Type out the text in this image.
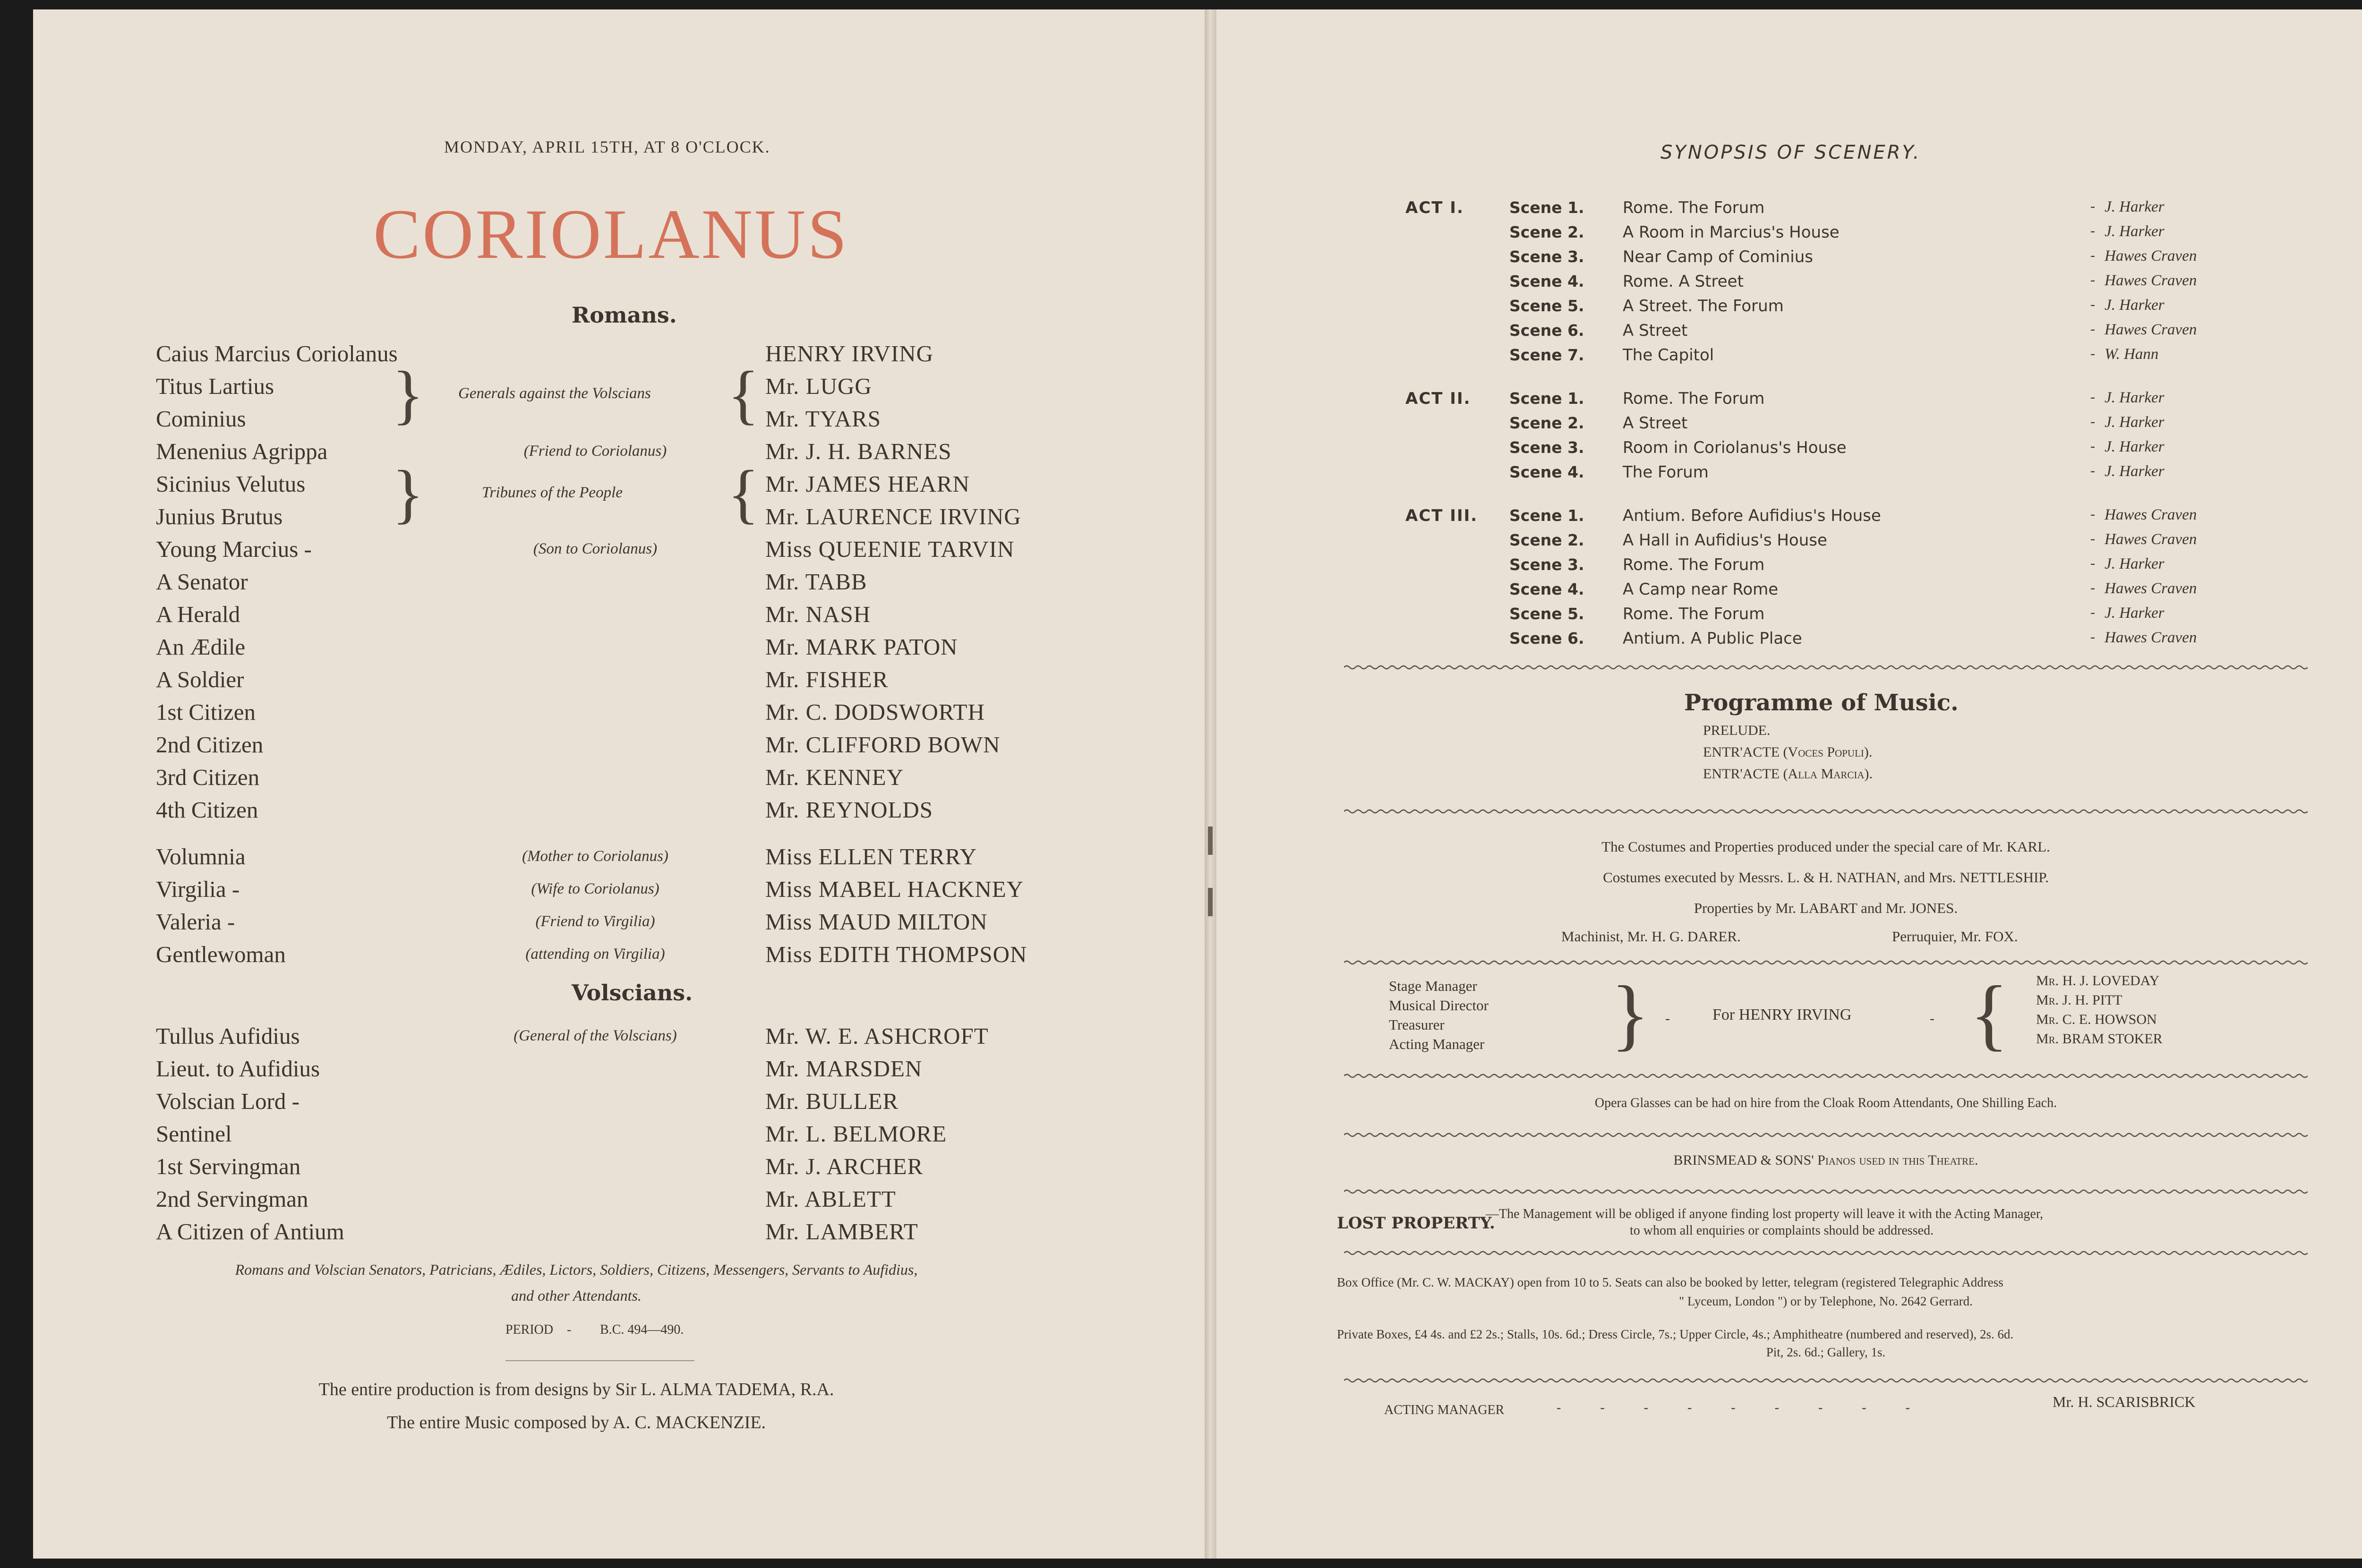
MONDAY, APRIL 15TH, AT 8 O'CLOCK.
CORIOLANUS
Romans.
Caius Marcius Coriolanus	HENRY IRVING
Titus Lartius	Mr. LUGG
Cominius	Mr. TYARS
Menenius Agrippa	(Friend to Coriolanus)	Mr. J. H. BARNES
Sicinius Velutus	Mr. JAMES HEARN
Junius Brutus	Mr. LAURENCE IRVING
Young Marcius -	(Son to Coriolanus)	Miss QUEENIE TARVIN
A Senator	Mr. TABB
A Herald	Mr. NASH
An Ædile	Mr. MARK PATON
A Soldier	Mr. FISHER
1st Citizen	Mr. C. DODSWORTH
2nd Citizen	Mr. CLIFFORD BOWN
3rd Citizen	Mr. KENNEY
4th Citizen	Mr. REYNOLDS
Generals against the Volscians
}	{
Tribunes of the People
}	{
Volumnia	(Mother to Coriolanus)	Miss ELLEN TERRY
Virgilia -	(Wife to Coriolanus)	Miss MABEL HACKNEY
Valeria -	(Friend to Virgilia)	Miss MAUD MILTON
Gentlewoman	(attending on Virgilia)	Miss EDITH THOMPSON
Volscians.
Tullus Aufidius	(General of the Volscians)	Mr. W. E. ASHCROFT
Lieut. to Aufidius	Mr. MARSDEN
Volscian Lord -	Mr. BULLER
Sentinel	Mr. L. BELMORE
1st Servingman	Mr. J. ARCHER
2nd Servingman	Mr. ABLETT
A Citizen of Antium	Mr. LAMBERT
Romans and Volscian Senators, Patricians, Ædiles, Lictors, Soldiers, Citizens, Messengers, Servants to Aufidius,
and other Attendants.
PERIOD - B.C. 494—490.
The entire production is from designs by Sir L. ALMA TADEMA, R.A.
The entire Music composed by A. C. MACKENZIE.
SYNOPSIS OF SCENERY.
ACT I.	Scene 1. Rome. The Forum	- J. Harker
Scene 2. A Room in Marcius's House	- J. Harker
Scene 3. Near Camp of Cominius	- Hawes Craven
Scene 4. Rome. A Street	- Hawes Craven
Scene 5. A Street. The Forum	- J. Harker
Scene 6. A Street	- Hawes Craven
Scene 7. The Capitol	- W. Hann
ACT II. Scene 1. Rome. The Forum	- J. Harker
Scene 2. A Street	- J. Harker
Scene 3. Room in Coriolanus's House	- J. Harker
Scene 4. The Forum	- J. Harker
ACT III. Scene 1. Antium. Before Aufidius's House	- Hawes Craven
Scene 2. A Hall in Aufidius's House	- Hawes Craven
Scene 3. Rome. The Forum	- J. Harker
Scene 4. A Camp near Rome	- Hawes Craven
Scene 5. Rome. The Forum	- J. Harker
Scene 6. Antium. A Public Place	- Hawes Craven
Programme of Music.
PRELUDE.
ENTR'ACTE (Voces Populi).
ENTR'ACTE (Alla Marcia).
The Costumes and Properties produced under the special care of Mr. KARL.
Costumes executed by Messrs. L. & H. NATHAN, and Mrs. NETTLESHIP.
Properties by Mr. LABART and Mr. JONES.
Machinist, Mr. H. G. DARER.	Perruquier, Mr. FOX.
Stage Manager
Musical Director
Treasurer
Acting Manager } -	For HENRY IRVING	- { Mr. H. J. LOVEDAY
Mr. J. H. PITT
Mr. C. E. HOWSON
Mr. BRAM STOKER
Opera Glasses can be had on hire from the Cloak Room Attendants, One Shilling Each.
BRINSMEAD & SONS' Pianos used in this Theatre.
LOST PROPERTY.
—The Management will be obliged if anyone finding lost property will leave it with the Acting Manager,
to whom all enquiries or complaints should be addressed.
Box Office (Mr. C. W. MACKAY) open from 10 to 5. Seats can also be booked by letter, telegram (registered Telegraphic Address
" Lyceum, London ") or by Telephone, No. 2642 Gerrard.
Private Boxes, £4 4s. and £2 2s.; Stalls, 10s. 6d.; Dress Circle, 7s.; Upper Circle, 4s.; Amphitheatre (numbered and reserved), 2s. 6d.
Pit, 2s. 6d.; Gallery, 1s.
ACTING MANAGER	- - - - - - - - -	Mr. H. SCARISBRICK
